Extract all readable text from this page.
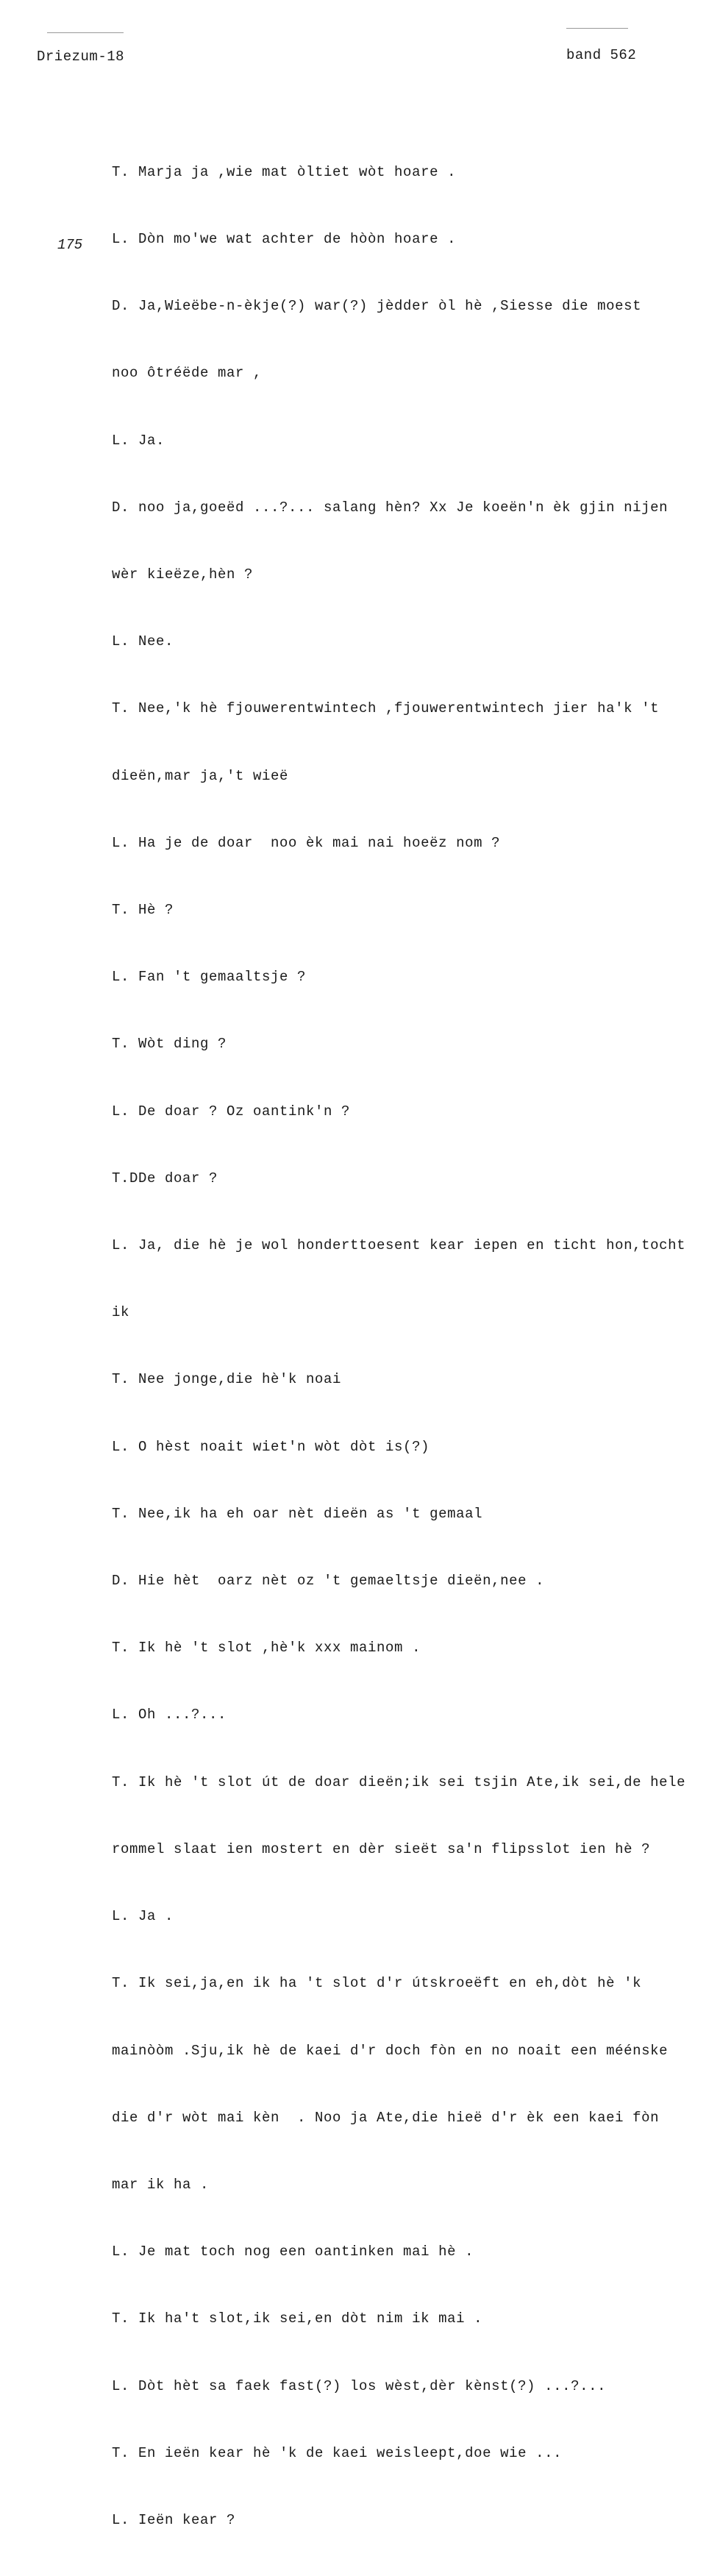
Driezum-18	band 562
175

T. Marja ja ,wie mat òltiet wòt hoare .

L. Dòn mo'we wat achter de hòòn hoare .

D. Ja,Wieëbe-n-èkje(?) war(?) jèdder òl hè ,Siesse die moest

noo ôtréëde mar ,

L. Ja.

D. noo ja,goeëd ...?... salang hèn? Xx Je koeën'n èk gjin nijen

wèr kieëze,hèn ?

L. Nee.

T. Nee,'k hè fjouwerentwintech ,fjouwerentwintech jier ha'k 't

dieën,mar ja,'t wieë

L. Ha je de doar  noo èk mai nai hoeëz nom ?

T. Hè ?

L. Fan 't gemaaltsje ?

T. Wòt ding ?

L. De doar ? Oz oantink'n ?

T.DDe doar ?

L. Ja, die hè je wol honderttoesent kear iepen en ticht hon,tocht

ik

T. Nee jonge,die hè'k noai

L. O hèst noait wiet'n wòt dòt is(?)

T. Nee,ik ha eh oar nèt dieën as 't gemaal

D. Hie hèt  oarz nèt oz 't gemaeltsje dieën,nee .

T. Ik hè 't slot ,hè'k xxx mainom .

L. Oh ...?...

T. Ik hè 't slot út de doar dieën;ik sei tsjin Ate,ik sei,de hele

rommel slaat ien mostert en dèr sieët sa'n flipsslot ien hè ?

L. Ja .

T. Ik sei,ja,en ik ha 't slot d'r útskroeëft en eh,dòt hè 'k

mainòòm .Sju,ik hè de kaei d'r doch fòn en no noait een méénske

die d'r wòt mai kèn  . Noo ja Ate,die hieë d'r èk een kaei fòn

mar ik ha .

L. Je mat toch nog een oantinken mai hè .

T. Ik ha't slot,ik sei,en dòt nim ik mai .

L. Dòt hèt sa faek fast(?) los wèst,dèr kènst(?) ...?...

T. En ieën kear hè 'k de kaei weisleept,doe wie ...

L. Ieën kear ?
